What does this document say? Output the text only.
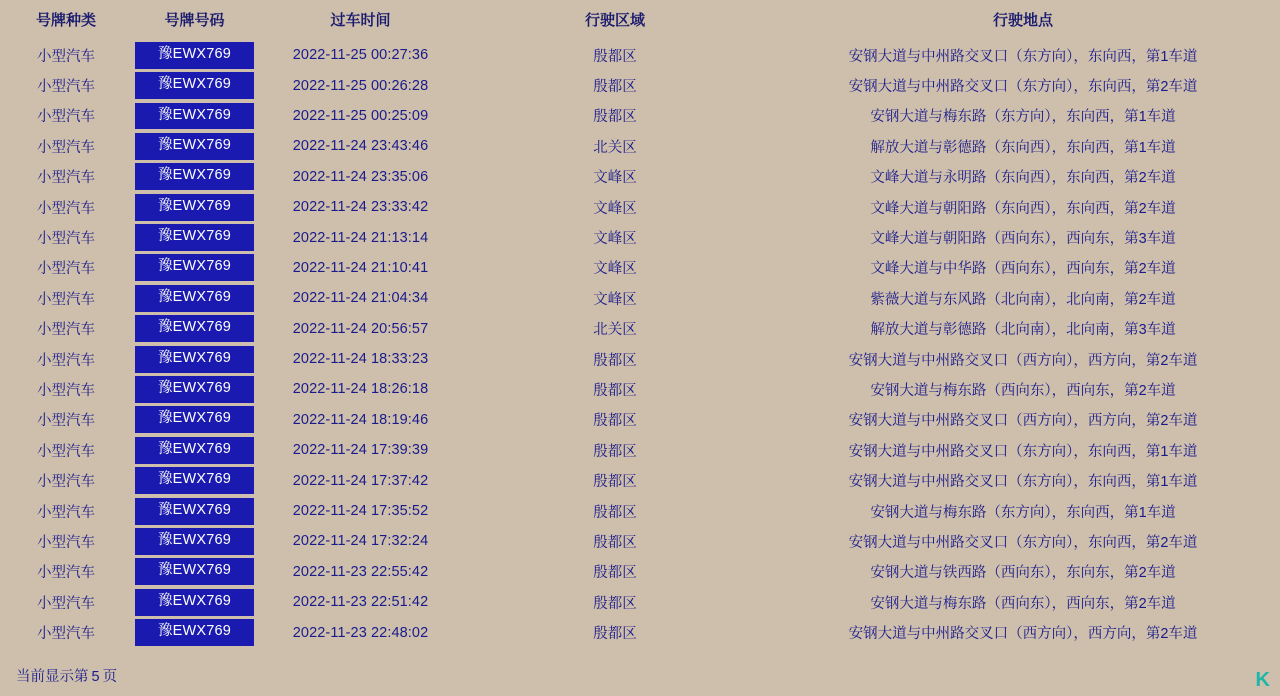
号牌种类	号牌号码	过车时间	行驶区域	行驶地点
小型汽车	豫EWX769	2022-11-25 00:27:36	殷都区	安钢大道与中州路交叉口（东方向），东向西，第1车道
小型汽车	豫EWX769	2022-11-25 00:26:28	殷都区	安钢大道与中州路交叉口（东方向），东向西，第2车道
小型汽车	豫EWX769	2022-11-25 00:25:09	殷都区	安钢大道与梅东路（东方向），东向西，第1车道
小型汽车	豫EWX769	2022-11-24 23:43:46	北关区	解放大道与彰德路（东向西），东向西，第1车道
小型汽车	豫EWX769	2022-11-24 23:35:06	文峰区	文峰大道与永明路（东向西），东向西，第2车道
小型汽车	豫EWX769	2022-11-24 23:33:42	文峰区	文峰大道与朝阳路（东向西），东向西，第2车道
小型汽车	豫EWX769	2022-11-24 21:13:14	文峰区	文峰大道与朝阳路（西向东），西向东，第3车道
小型汽车	豫EWX769	2022-11-24 21:10:41	文峰区	文峰大道与中华路（西向东），西向东，第2车道
小型汽车	豫EWX769	2022-11-24 21:04:34	文峰区	紫薇大道与东风路（北向南），北向南，第2车道
小型汽车	豫EWX769	2022-11-24 20:56:57	北关区	解放大道与彰德路（北向南），北向南，第3车道
小型汽车	豫EWX769	2022-11-24 18:33:23	殷都区	安钢大道与中州路交叉口（西方向），西方向，第2车道
小型汽车	豫EWX769	2022-11-24 18:26:18	殷都区	安钢大道与梅东路（西向东），西向东，第2车道
小型汽车	豫EWX769	2022-11-24 18:19:46	殷都区	安钢大道与中州路交叉口（西方向），西方向，第2车道
小型汽车	豫EWX769	2022-11-24 17:39:39	殷都区	安钢大道与中州路交叉口（东方向），东向西，第1车道
小型汽车	豫EWX769	2022-11-24 17:37:42	殷都区	安钢大道与中州路交叉口（东方向），东向西，第1车道
小型汽车	豫EWX769	2022-11-24 17:35:52	殷都区	安钢大道与梅东路（东方向），东向西，第1车道
小型汽车	豫EWX769	2022-11-24 17:32:24	殷都区	安钢大道与中州路交叉口（东方向），东向西，第2车道
小型汽车	豫EWX769	2022-11-23 22:55:42	殷都区	安钢大道与铁西路（西向东），东向东，第2车道
小型汽车	豫EWX769	2022-11-23 22:51:42	殷都区	安钢大道与梅东路（西向东），西向东，第2车道
小型汽车	豫EWX769	2022-11-23 22:48:02	殷都区	安钢大道与中州路交叉口（西方向），西方向，第2车道
当前显示第 5 页	K
